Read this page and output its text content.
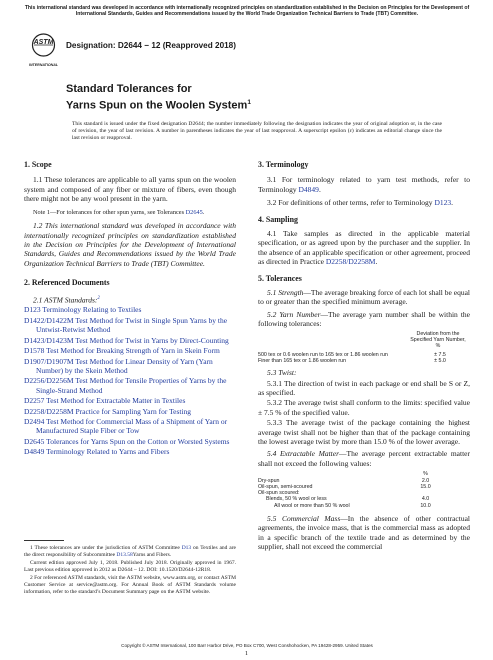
This international standard was developed in accordance with internationally recognized principles on standardization established in the Decision on Principles for the Development of International Standards, Guides and Recommendations issued by the World Trade Organization Technical Barriers to Trade (TBT) Committee.
ASTM
INTERNATIONAL
Designation: D2644 − 12 (Reapproved 2018)
Standard Tolerances for
Yarns Spun on the Woolen System$^1$
This standard is issued under the fixed designation D2644; the number immediately following the designation indicates the year of original adoption or, in the case of revision, the year of last revision. A number in parentheses indicates the year of last reapproval. A superscript epsilon (ε) indicates an editorial change since the last revision or reapproval.
1. Scope

1.1 These tolerances are applicable to all yarns spun on the woolen system and composed of any fiber or mixture of fibers, even though there might not be any wool present in the yarn.

Note 1—For tolerances for other spun yarns, see Tolerances D2645.

1.2 This international standard was developed in accordance with internationally recognized principles on standardization established in the Decision on Principles for the Development of International Standards, Guides and Recommendations issued by the World Trade Organization Technical Barriers to Trade (TBT) Committee.

2. Referenced Documents

2.1 ASTM Standards:$^2$

D123 Terminology Relating to Textiles

D1422/D1422M Test Method for Twist in Single Spun Yarns by the Untwist-Retwist Method

D1423/D1423M Test Method for Twist in Yarns by Direct-Counting

D1578 Test Method for Breaking Strength of Yarn in Skein Form

D1907/D1907M Test Method for Linear Density of Yarn (Yarn Number) by the Skein Method

D2256/D2256M Test Method for Tensile Properties of Yarns by the Single-Strand Method

D2257 Test Method for Extractable Matter in Textiles

D2258/D2258M Practice for Sampling Yarn for Testing

D2494 Test Method for Commercial Mass of a Shipment of Yarn or Manufactured Staple Fiber or Tow

D2645 Tolerances for Yarns Spun on the Cotton or Worsted Systems

D4849 Terminology Related to Yarns and Fibers

1 These tolerances are under the jurisdiction of ASTM Committee D13 on Textiles and are the direct responsibility of Subcommittee D13.58Yarns and Fibers.

Current edition approved July 1, 2018. Published July 2018. Originally approved in 1967. Last previous edition approved in 2012 as D2644 – 12. DOI: 10.1520/D2644-12R18.

2 For referenced ASTM standards, visit the ASTM website, www.astm.org, or contact ASTM Customer Service at service@astm.org. For Annual Book of ASTM Standards volume information, refer to the standard’s Document Summary page on the ASTM website.

3. Terminology

3.1 For terminology related to yarn test methods, refer to Terminology D4849.

3.2 For definitions of other terms, refer to Terminology D123.

4. Sampling

4.1 Take samples as directed in the applicable material specification, or as agreed upon by the purchaser and the supplier. In the absence of an applicable specification or other agreement, proceed as directed in Practice D2258/D2258M.

5. Tolerances

5.1 Strength—The average breaking force of each lot shall be equal to or greater than the specified minimum average.

5.2 Yarn Number—The average yarn number shall be within the following tolerances:

Deviation from the Specified Yarn Number, %
500 tex or 0.6 woolen run to 165 tex or 1.86 woolen run	± 7.5
Finer than 165 tex or 1.86 woolen run	± 5.0

5.3 Twist:

5.3.1 The direction of twist in each package or end shall be S or Z, as specified.

5.3.2 The average twist shall conform to the limits: specified value ± 7.5 % of the specified value.

5.3.3 The average twist of the package containing the highest average twist shall not be higher than that of the package containing the lowest average twist by more than 15.0 % of the lower average.

5.4 Extractable Matter—The average percent extractable matter shall not exceed the following values:

%
Dry-spun	2.0
Oil-spun, semi-scoured	15.0
Oil-spun scoured:
Blends, 50 % wool or less	4.0
All wool or more than 50 % wool	10.0

5.5 Commercial Mass—In the absence of other contractual agreements, the invoice mass, that is the commercial mass as adopted in a specific branch of the textile trade and as determined by the supplier, shall not exceed the commercial

Copyright © ASTM International, 100 Barr Harbor Drive, PO Box C700, West Conshohocken, PA 19428-2959. United States
1
